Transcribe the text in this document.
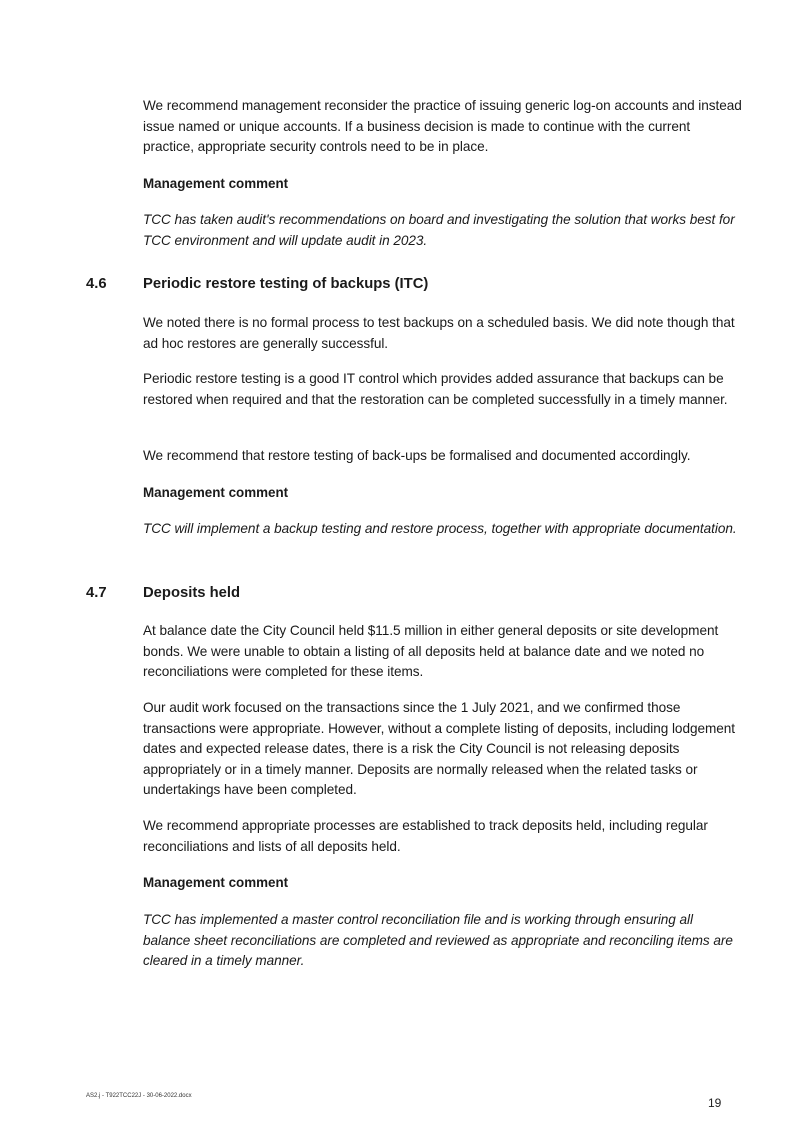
We recommend management reconsider the practice of issuing generic log-on accounts and instead issue named or unique accounts. If a business decision is made to continue with the current practice, appropriate security controls need to be in place.

Management comment

TCC has taken audit's recommendations on board and investigating the solution that works best for TCC environment and will update audit in 2023.

4.6 Periodic restore testing of backups (ITC)

We noted there is no formal process to test backups on a scheduled basis. We did note though that ad hoc restores are generally successful.

Periodic restore testing is a good IT control which provides added assurance that backups can be restored when required and that the restoration can be completed successfully in a timely manner.

We recommend that restore testing of back-ups be formalised and documented accordingly.

Management comment

TCC will implement a backup testing and restore process, together with appropriate documentation.

4.7 Deposits held

At balance date the City Council held $11.5 million in either general deposits or site development bonds. We were unable to obtain a listing of all deposits held at balance date and we noted no reconciliations were completed for these items.

Our audit work focused on the transactions since the 1 July 2021, and we confirmed those transactions were appropriate. However, without a complete listing of deposits, including lodgement dates and expected release dates, there is a risk the City Council is not releasing deposits appropriately or in a timely manner. Deposits are normally released when the related tasks or undertakings have been completed.

We recommend appropriate processes are established to track deposits held, including regular reconciliations and lists of all deposits held.

Management comment

TCC has implemented a master control reconciliation file and is working through ensuring all balance sheet reconciliations are completed and reviewed as appropriate and reconciling items are cleared in a timely manner.

AS2.j - T922TCC22J - 30-06-2022.docx	19
